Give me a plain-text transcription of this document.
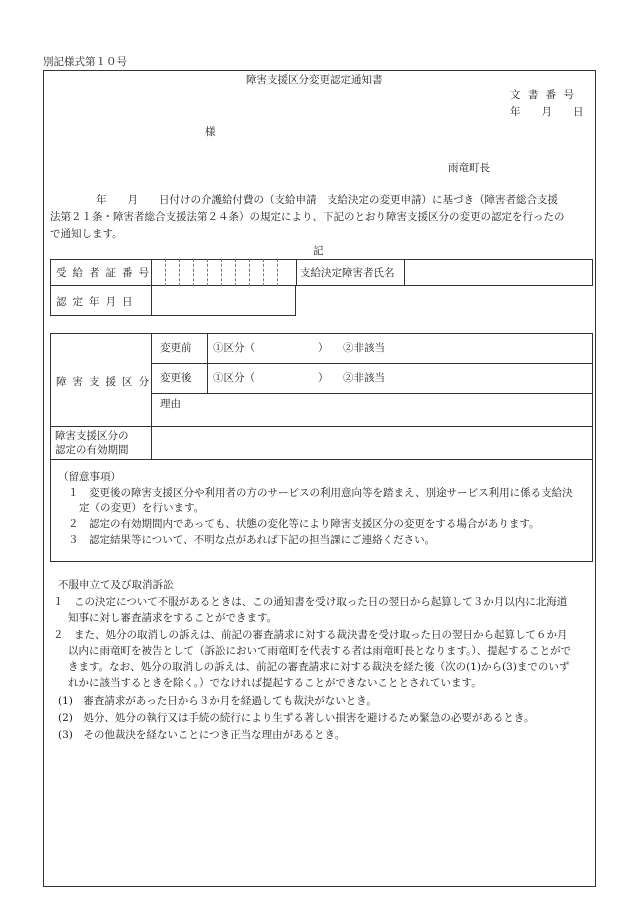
別記様式第１０号
障害支援区分変更認定通知書
文 書 番 号
年　　月　　日
様
雨竜町長
年　　月　　日付けの介護給付費の（支給申請　支給決定の変更申請）に基づき（障害者総合支援
法第２１条・障害者総合支援法第２４条）の規定により、下記のとおり障害支援区分の変更の認定を行ったの
で通知します。
記
受給者証番号	支給決定障害者氏名
認定年月日
変更前 ①区分（　　　　　　） ②非該当
障害支援区分 変更後 ①区分（　　　　　　） ②非該当
理由
障害支援区分の
認定の有効期間
（留意事項）
１　変更後の障害支援区分や利用者の方のサービスの利用意向等を踏まえ、別途サービス利用に係る支給決
定（の変更）を行います。
２　認定の有効期間内であっても、状態の変化等により障害支援区分の変更をする場合があります。
３　認定結果等について、不明な点があれば下記の担当課にご連絡ください。
不服申立て及び取消訴訟
１　この決定について不服があるときは、この通知書を受け取った日の翌日から起算して３か月以内に北海道
知事に対し審査請求をすることができます。
２　また、処分の取消しの訴えは、前記の審査請求に対する裁決書を受け取った日の翌日から起算して６か月
以内に雨竜町を被告として（訴訟において雨竜町を代表する者は雨竜町長となります。）、提起することがで
きます。なお、処分の取消しの訴えは、前記の審査請求に対する裁決を経た後（次の(1)から(3)までのいず
れかに該当するときを除く。）でなければ提起することができないこととされています。
(1)　審査請求があった日から３か月を経過しても裁決がないとき。
(2)　処分、処分の執行又は手続の続行により生ずる著しい損害を避けるため緊急の必要があるとき。
(3)　その他裁決を経ないことにつき正当な理由があるとき。
